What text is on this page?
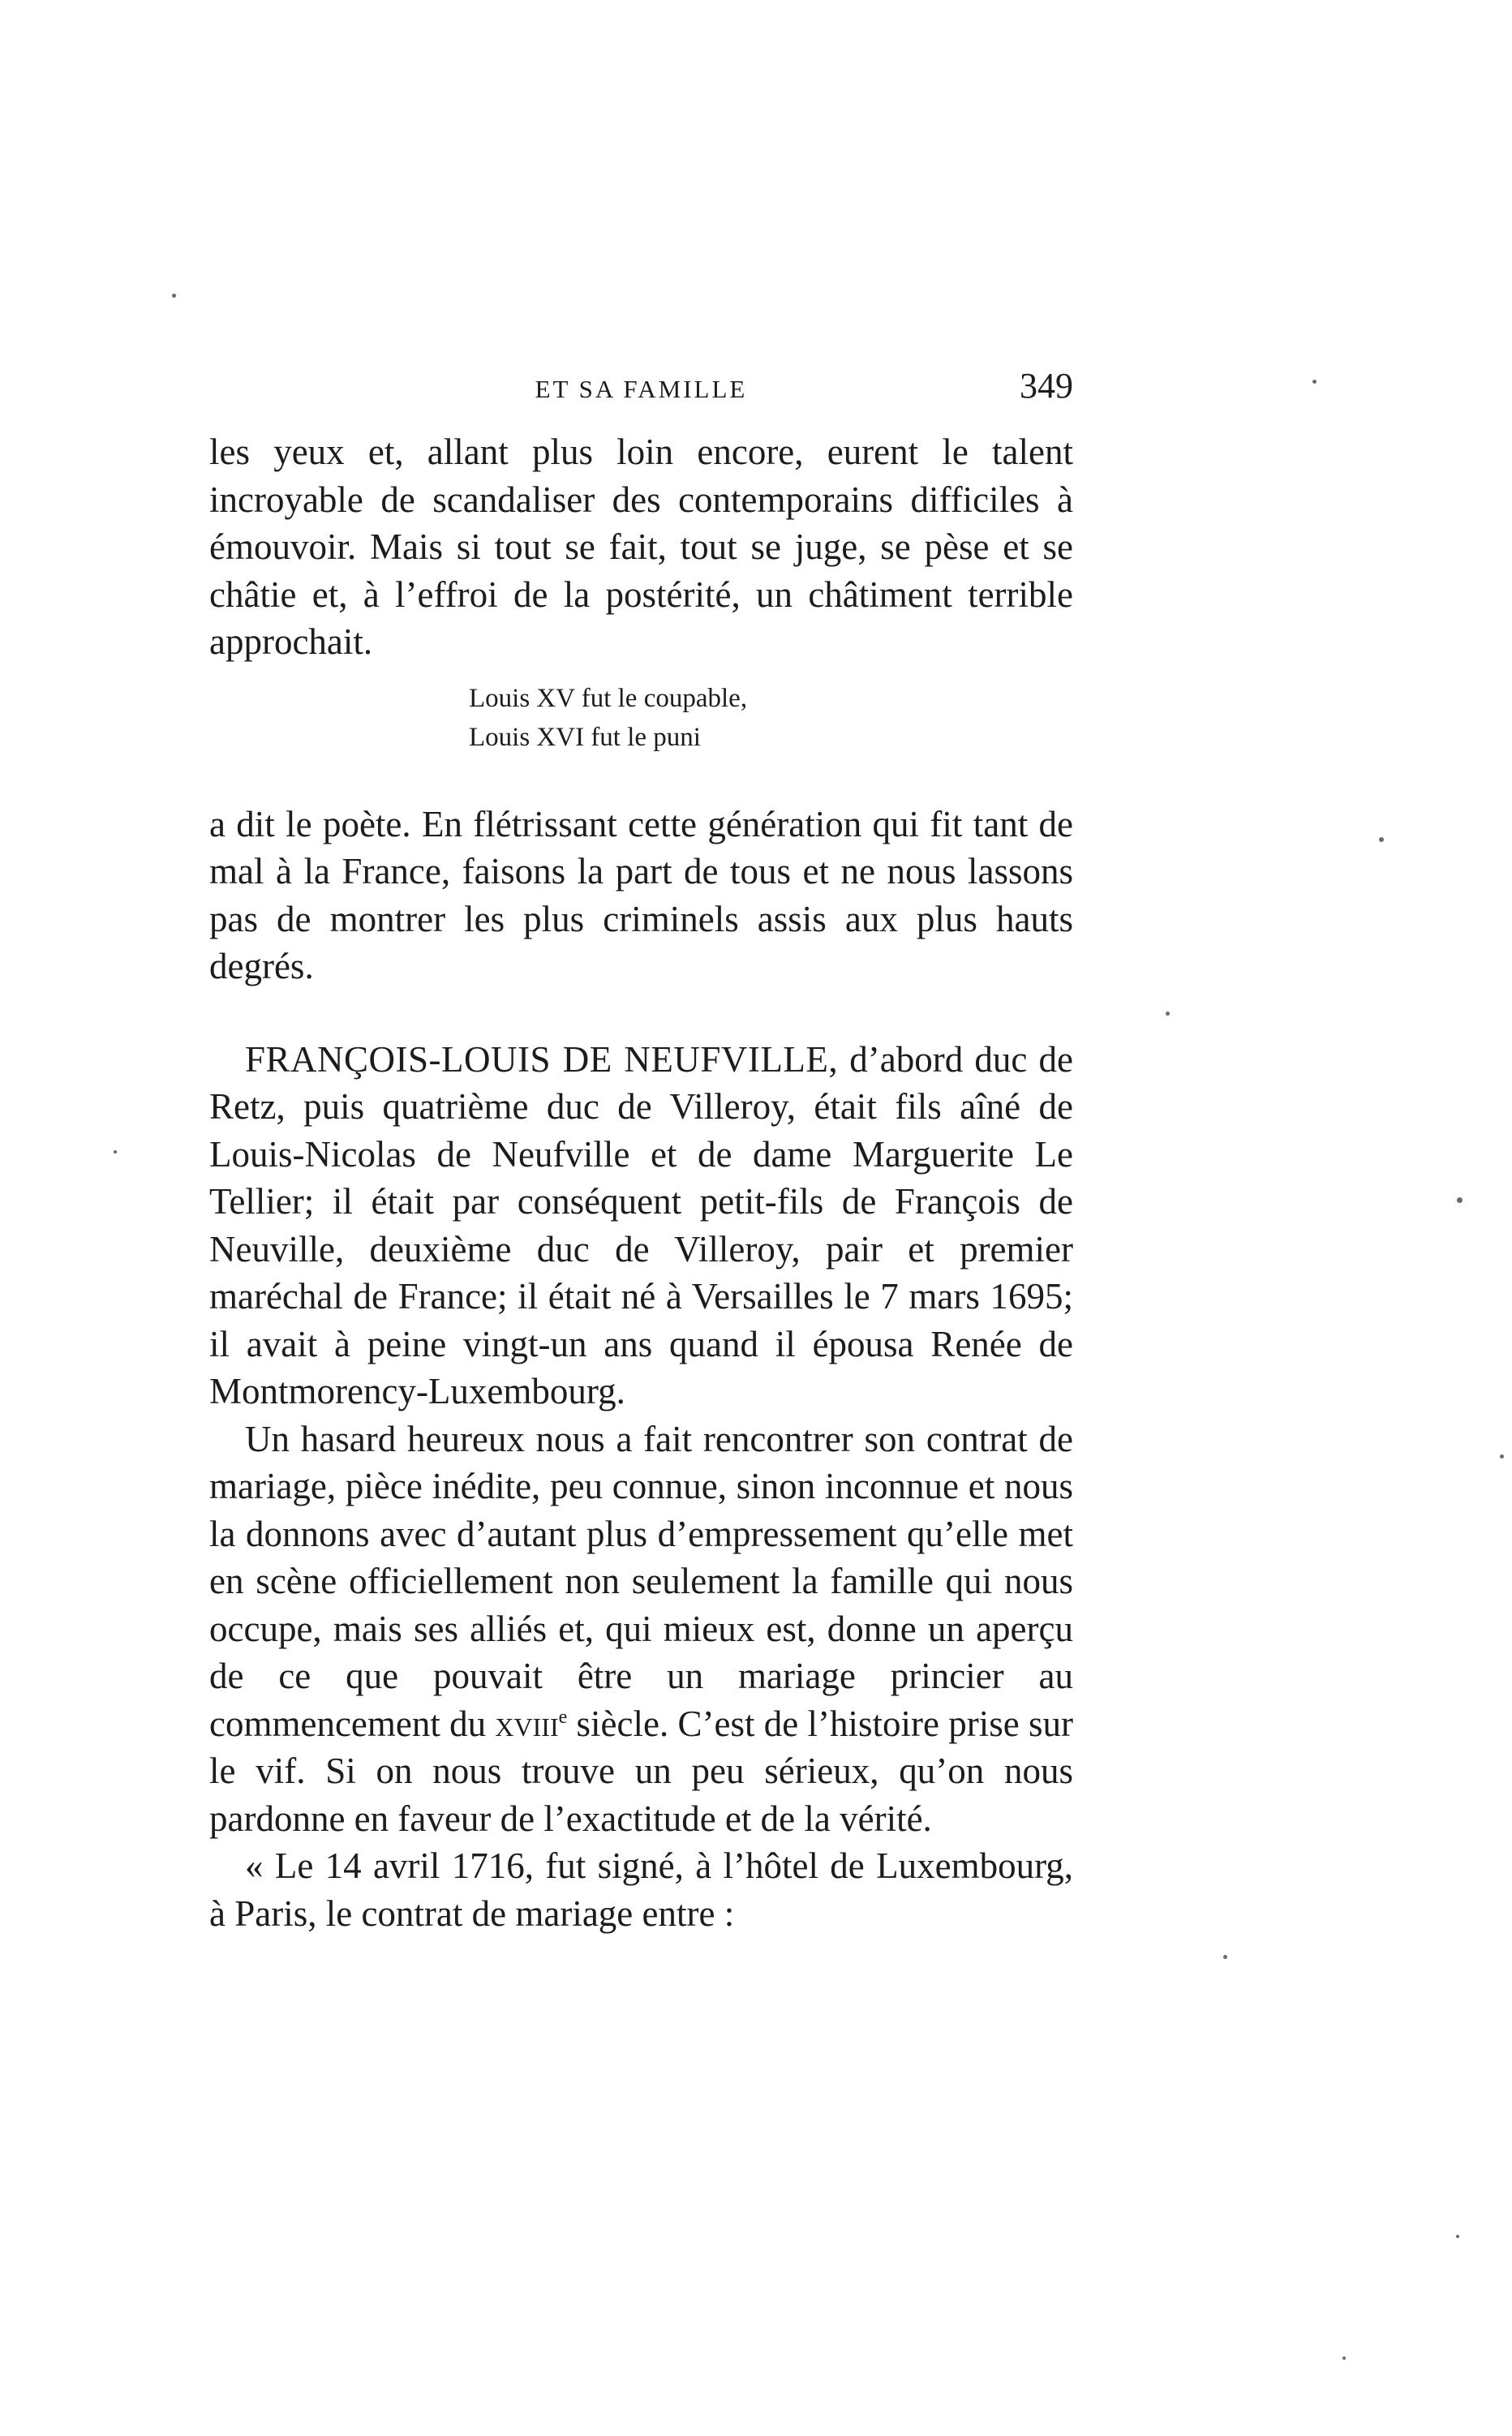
ET SA FAMILLE	349

les yeux et, allant plus loin encore, eurent le talent incroyable de scandaliser des contemporains difficiles à émouvoir. Mais si tout se fait, tout se juge, se pèse et se châtie et, à l’effroi de la postérité, un châtiment terrible approchait.

Louis XV fut le coupable,
Louis XVI fut le puni

a dit le poète. En flétrissant cette génération qui fit tant de mal à la France, faisons la part de tous et ne nous lassons pas de montrer les plus criminels assis aux plus hauts degrés.

FRANÇOIS-LOUIS DE NEUFVILLE, d’abord duc de Retz, puis quatrième duc de Villeroy, était fils aîné de Louis-Nicolas de Neufville et de dame Marguerite Le Tellier; il était par conséquent petit-fils de François de Neuville, deuxième duc de Villeroy, pair et premier maréchal de France; il était né à Versailles le 7 mars 1695; il avait à peine vingt-un ans quand il épousa Renée de Montmorency-Luxembourg.

Un hasard heureux nous a fait rencontrer son contrat de mariage, pièce inédite, peu connue, sinon inconnue et nous la donnons avec d’autant plus d’empressement qu’elle met en scène officiellement non seulement la famille qui nous occupe, mais ses alliés et, qui mieux est, donne un aperçu de ce que pouvait être un mariage princier au commencement du xviii$^e$ siècle. C’est de l’histoire prise sur le vif. Si on nous trouve un peu sérieux, qu’on nous pardonne en faveur de l’exactitude et de la vérité.

« Le 14 avril 1716, fut signé, à l’hôtel de Luxembourg, à Paris, le contrat de mariage entre :
